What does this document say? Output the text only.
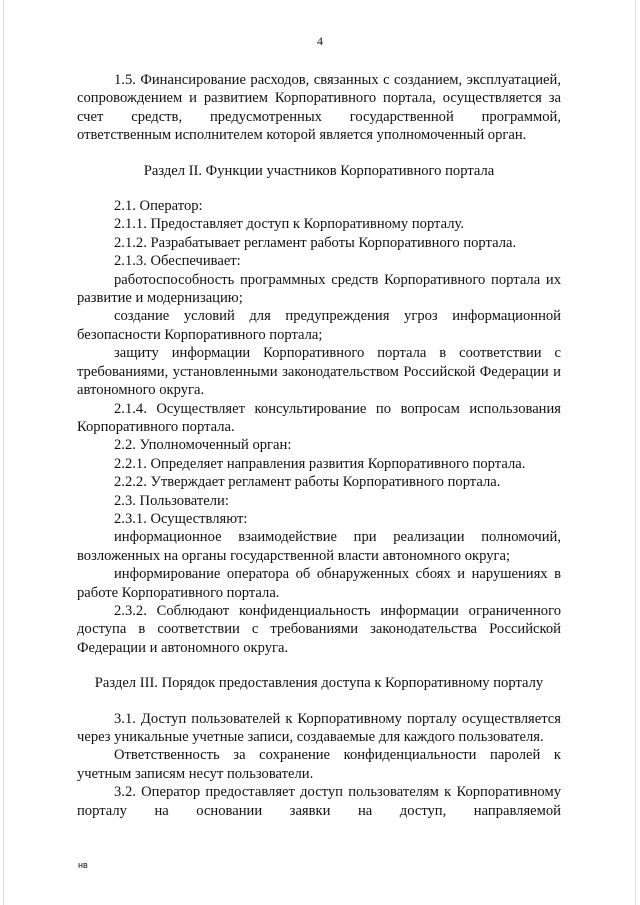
4

1.5. Финансирование расходов, связанных с созданием, эксплуатацией, сопровождением и развитием Корпоративного портала, осуществляется за счет средств, предусмотренных государственной программой, ответственным исполнителем которой является уполномоченный орган.

Раздел II. Функции участников Корпоративного портала

2.1. Оператор:

2.1.1. Предоставляет доступ к Корпоративному порталу.

2.1.2. Разрабатывает регламент работы Корпоративного портала.

2.1.3. Обеспечивает:

работоспособность программных средств Корпоративного портала их развитие и модернизацию;

создание условий для предупреждения угроз информационной безопасности Корпоративного портала;

защиту информации Корпоративного портала в соответствии с требованиями, установленными законодательством Российской Федерации и автономного округа.

2.1.4. Осуществляет консультирование по вопросам использования Корпоративного портала.

2.2. Уполномоченный орган:

2.2.1. Определяет направления развития Корпоративного портала.

2.2.2. Утверждает регламент работы Корпоративного портала.

2.3. Пользователи:

2.3.1. Осуществляют:

информационное взаимодействие при реализации полномочий, возложенных на органы государственной власти автономного округа;

информирование оператора об обнаруженных сбоях и нарушениях в работе Корпоративного портала.

2.3.2. Соблюдают конфиденциальность информации ограниченного доступа в соответствии с требованиями законодательства Российской Федерации и автономного округа.

Раздел III. Порядок предоставления доступа к Корпоративному порталу

3.1. Доступ пользователей к Корпоративному порталу осуществляется через уникальные учетные записи, создаваемые для каждого пользователя.

Ответственность за сохранение конфиденциальности паролей к учетным записям несут пользователи.

3.2. Оператор предоставляет доступ пользователям к Корпоративному порталу на основании заявки на доступ, направляемой

нв
